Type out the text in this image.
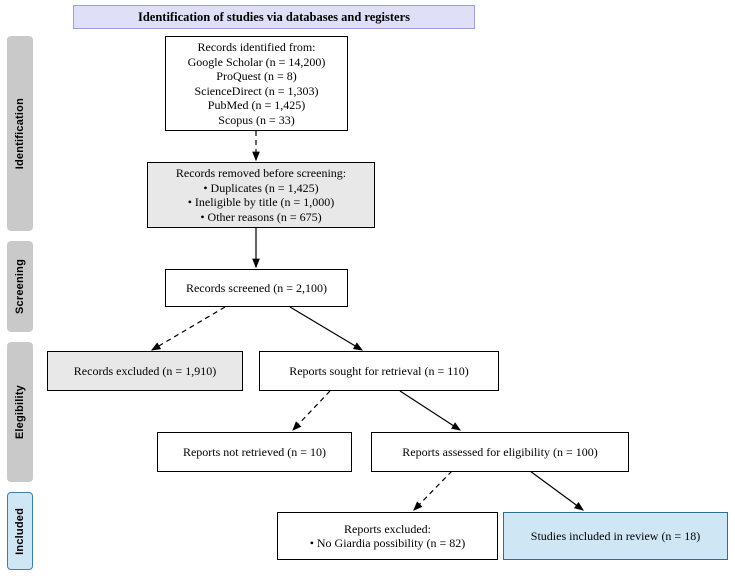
Identification of studies via databases and registers
Identification
Screening
Elegibility
Included
Records identified from:
Google Scholar (n = 14,200)
ProQuest (n = 8)
ScienceDirect (n = 1,303)
PubMed (n = 1,425)
Scopus (n = 33)
Records removed before screening:
• Duplicates (n = 1,425)
• Ineligible by title (n = 1,000)
• Other reasons (n = 675)
Records screened (n = 2,100)
Records excluded (n = 1,910)	Reports sought for retrieval (n = 110)
Reports not retrieved (n = 10)	Reports assessed for eligibility (n = 100)
Reports excluded:
• No Giardia possibility (n = 82)
Studies included in review (n = 18)
